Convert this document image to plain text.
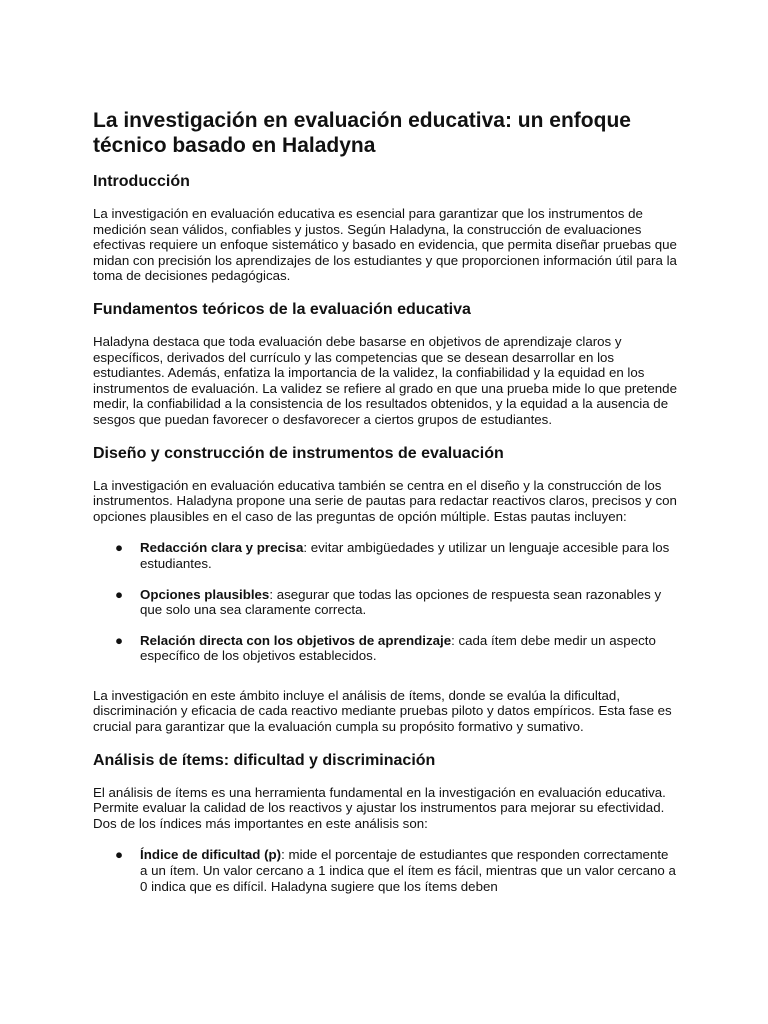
La investigación en evaluación educativa: un enfoque técnico basado en Haladyna
Introducción

La investigación en evaluación educativa es esencial para garantizar que los instrumentos de medición sean válidos, confiables y justos. Según Haladyna, la construcción de evaluaciones efectivas requiere un enfoque sistemático y basado en evidencia, que permita diseñar pruebas que midan con precisión los aprendizajes de los estudiantes y que proporcionen información útil para la toma de decisiones pedagógicas.

Fundamentos teóricos de la evaluación educativa

Haladyna destaca que toda evaluación debe basarse en objetivos de aprendizaje claros y específicos, derivados del currículo y las competencias que se desean desarrollar en los estudiantes. Además, enfatiza la importancia de la validez, la confiabilidad y la equidad en los instrumentos de evaluación. La validez se refiere al grado en que una prueba mide lo que pretende medir, la confiabilidad a la consistencia de los resultados obtenidos, y la equidad a la ausencia de sesgos que puedan favorecer o desfavorecer a ciertos grupos de estudiantes.

Diseño y construcción de instrumentos de evaluación

La investigación en evaluación educativa también se centra en el diseño y la construcción de los instrumentos. Haladyna propone una serie de pautas para redactar reactivos claros, precisos y con opciones plausibles en el caso de las preguntas de opción múltiple. Estas pautas incluyen:

● Redacción clara y precisa: evitar ambigüedades y utilizar un lenguaje accesible para los estudiantes.
● Opciones plausibles: asegurar que todas las opciones de respuesta sean razonables y que solo una sea claramente correcta.
● Relación directa con los objetivos de aprendizaje: cada ítem debe medir un aspecto específico de los objetivos establecidos.

La investigación en este ámbito incluye el análisis de ítems, donde se evalúa la dificultad, discriminación y eficacia de cada reactivo mediante pruebas piloto y datos empíricos. Esta fase es crucial para garantizar que la evaluación cumpla su propósito formativo y sumativo.

Análisis de ítems: dificultad y discriminación

El análisis de ítems es una herramienta fundamental en la investigación en evaluación educativa. Permite evaluar la calidad de los reactivos y ajustar los instrumentos para mejorar su efectividad. Dos de los índices más importantes en este análisis son:

● Índice de dificultad (p): mide el porcentaje de estudiantes que responden correctamente a un ítem. Un valor cercano a 1 indica que el ítem es fácil, mientras que un valor cercano a 0 indica que es difícil. Haladyna sugiere que los ítems deben
